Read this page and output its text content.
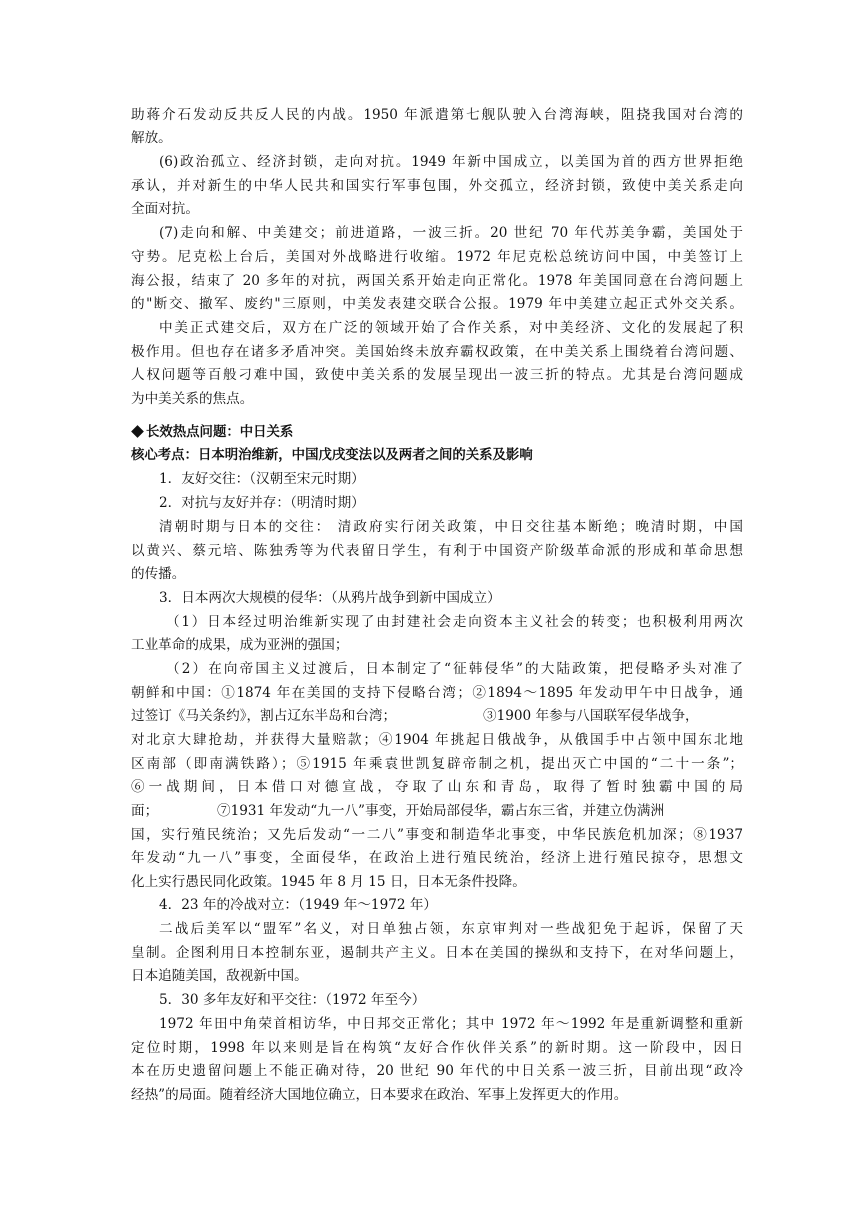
助蒋介石发动反共反人民的内战。1950 年派遣第七舰队驶入台湾海峡，阻挠我国对台湾的
解放。
(6)政治孤立、经济封锁，走向对抗。1949 年新中国成立，以美国为首的西方世界拒绝
承认，并对新生的中华人民共和国实行军事包围，外交孤立，经济封锁，致使中美关系走向
全面对抗。
(7)走向和解、中美建交；前进道路，一波三折。20 世纪 70 年代苏美争霸，美国处于
守势。尼克松上台后，美国对外战略进行收缩。1972 年尼克松总统访问中国，中美签订上
海公报，结束了 20 多年的对抗，两国关系开始走向正常化。1978 年美国同意在台湾问题上
的"断交、撤军、废约"三原则，中美发表建交联合公报。1979 年中美建立起正式外交关系。
中美正式建交后，双方在广泛的领域开始了合作关系，对中美经济、文化的发展起了积
极作用。但也存在诸多矛盾冲突。美国始终未放弃霸权政策，在中美关系上围绕着台湾问题、
人权问题等百般刁难中国，致使中美关系的发展呈现出一波三折的特点。尤其是台湾问题成
为中美关系的焦点。
长效热点问题：中日关系
核心考点：日本明治维新，中国戊戌变法以及两者之间的关系及影响
1．友好交往：（汉朝至宋元时期）
2．对抗与友好并存：（明清时期）
清朝时期与日本的交往： 清政府实行闭关政策，中日交往基本断绝；晚清时期，中国
以黄兴、蔡元培、陈独秀等为代表留日学生，有利于中国资产阶级革命派的形成和革命思想
的传播。
3．日本两次大规模的侵华：（从鸦片战争到新中国成立）
（1）日本经过明治维新实现了由封建社会走向资本主义社会的转变；也积极利用两次
工业革命的成果，成为亚洲的强国；
（2）在向帝国主义过渡后，日本制定了“征韩侵华”的大陆政策，把侵略矛头对准了
朝鲜和中国：①1874 年在美国的支持下侵略台湾；②1894～1895 年发动甲午中日战争，通
过签订《马关条约》，割占辽东半岛和台湾；	③1900 年参与八国联军侵华战争，
对北京大肆抢劫，并获得大量赔款；④1904 年挑起日俄战争，从俄国手中占领中国东北地
区南部（即南满铁路）；⑤1915 年乘袁世凯复辟帝制之机，提出灭亡中国的“二十一条”；
⑥一战期间，日本借口对德宣战，夺取了山东和青岛，取得了暂时独霸中国的局
面；	⑦1931 年发动“九一八”事变，开始局部侵华，霸占东三省，并建立伪满洲
国，实行殖民统治；又先后发动“一二八”事变和制造华北事变，中华民族危机加深；⑧1937
年发动“九一八”事变，全面侵华，在政治上进行殖民统治，经济上进行殖民掠夺，思想文
化上实行愚民同化政策。1945 年 8 月 15 日，日本无条件投降。
4．23 年的冷战对立：（1949 年～1972 年）
二战后美军以“盟军”名义，对日单独占领，东京审判对一些战犯免于起诉，保留了天
皇制。企图利用日本控制东亚，遏制共产主义。日本在美国的操纵和支持下，在对华问题上，
日本追随美国，敌视新中国。
5．30 多年友好和平交往：（1972 年至今）
1972 年田中角荣首相访华，中日邦交正常化；其中 1972 年～1992 年是重新调整和重新
定位时期，1998 年以来则是旨在构筑“友好合作伙伴关系”的新时期。这一阶段中，因日
本在历史遗留问题上不能正确对待，20 世纪 90 年代的中日关系一波三折，目前出现“政冷
经热”的局面。随着经济大国地位确立，日本要求在政治、军事上发挥更大的作用。
